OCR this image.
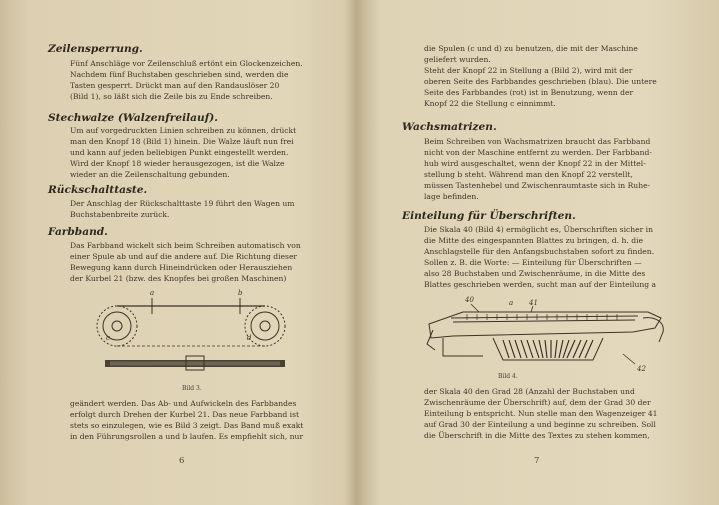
Zeilensperrung.
Fünf Anschläge vor Zeilenschluß ertönt ein Glockenzeichen.
Nachdem fünf Buchstaben geschrieben sind, werden die
Tasten gesperrt. Drückt man auf den Randauslöser 20
(Bild 1), so läßt sich die Zeile bis zu Ende schreiben.
Stechwalze (Walzenfreilauf).
Um auf vorgedruckten Linien schreiben zu können, drückt
man den Knopf 18 (Bild 1) hinein. Die Walze läuft nun frei
und kann auf jeden beliebigen Punkt eingestellt werden.
Wird der Knopf 18 wieder herausgezogen, ist die Walze
wieder an die Zeilenschaltung gebunden.
Rückschalttaste.
Der Anschlag der Rückschalttaste 19 führt den Wagen um
Buchstabenbreite zurück.
Farbband.
Das Farbband wickelt sich beim Schreiben automatisch von
einer Spule ab und auf die andere auf. Die Richtung dieser
Bewegung kann durch Hineindrücken oder Herausziehen
der Kurbel 21 (bzw. des Knopfes bei großen Maschinen)
a	b
c	d
Bild 3.
geändert werden. Das Ab- und Aufwickeln des Farbbandes
erfolgt durch Drehen der Kurbel 21. Das neue Farbband ist
stets so einzulegen, wie es Bild 3 zeigt. Das Band muß exakt
in den Führungsrollen a und b laufen. Es empfiehlt sich, nur
6
die Spulen (c und d) zu benutzen, die mit der Maschine
geliefert wurden.
Steht der Knopf 22 in Stellung a (Bild 2), wird mit der
oberen Seite des Farbbandes geschrieben (blau). Die untere
Seite des Farbbandes (rot) ist in Benutzung, wenn der
Knopf 22 die Stellung c einnimmt.
Wachsmatrizen.
Beim Schreiben von Wachsmatrizen braucht das Farbband
nicht von der Maschine entfernt zu werden. Der Farbband-
hub wird ausgeschaltet, wenn der Knopf 22 in der Mittel-
stellung b steht. Während man den Knopf 22 verstellt,
müssen Tastenhebel und Zwischenraumtaste sich in Ruhe-
lage befinden.
Einteilung für Überschriften.
Die Skala 40 (Bild 4) ermöglicht es, Überschriften sicher in
die Mitte des eingespannten Blattes zu bringen, d. h. die
Anschlagstelle für den Anfangsbuchstaben sofort zu finden.
Sollen z. B. die Worte: — Einteilung für Überschriften —
also 28 Buchstaben und Zwischenräume, in die Mitte des
Blattes geschrieben werden, sucht man auf der Einteilung a
40	a 41
42
Bild 4.
der Skala 40 den Grad 28 (Anzahl der Buchstaben und
Zwischenräume der Überschrift) auf, dem der Grad 30 der
Einteilung b entspricht. Nun stelle man den Wagenzeiger 41
auf Grad 30 der Einteilung a und beginne zu schreiben. Soll
die Überschrift in die Mitte des Textes zu stehen kommen,
7
